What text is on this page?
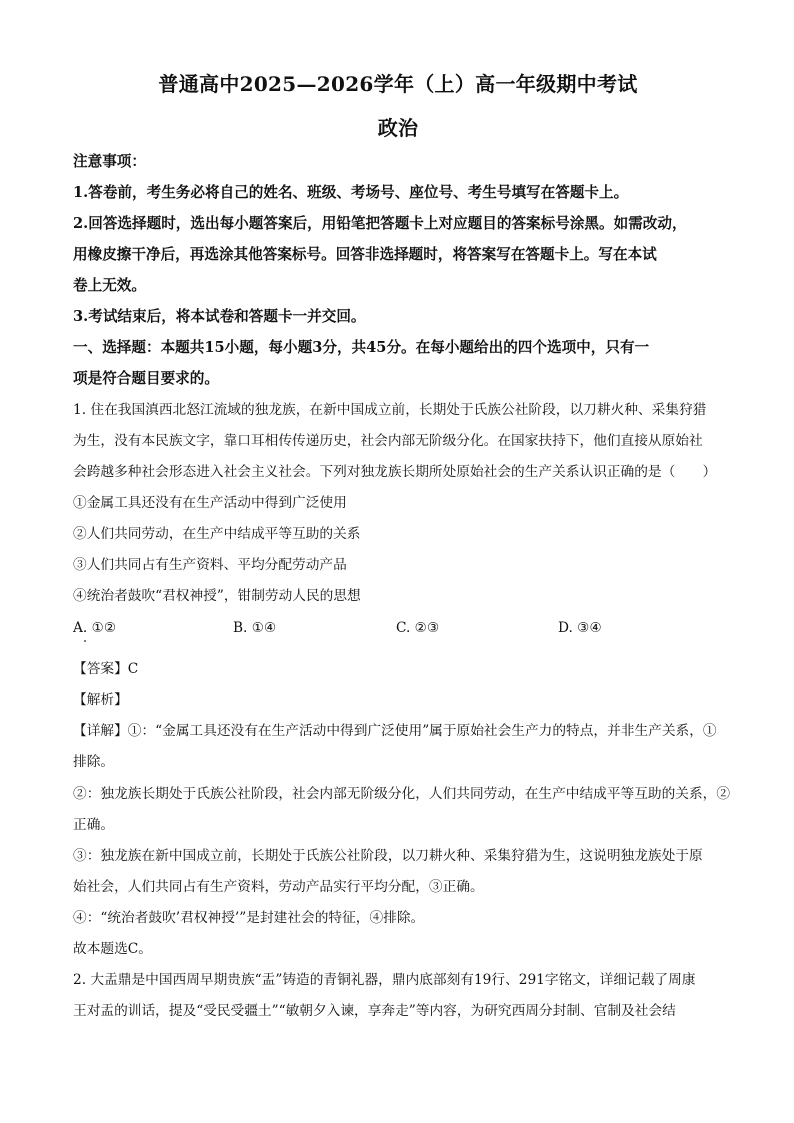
普通高中2025—2026学年（上）高一年级期中考试
政治
注意事项：
1.答卷前，考生务必将自己的姓名、班级、考场号、座位号、考生号填写在答题卡上。
2.回答选择题时，选出每小题答案后，用铅笔把答题卡上对应题目的答案标号涂黑。如需改动，
用橡皮擦干净后，再选涂其他答案标号。回答非选择题时，将答案写在答题卡上。写在本试
卷上无效。
3.考试结束后，将本试卷和答题卡一并交回。
一、选择题：本题共15小题，每小题3分，共45分。在每小题给出的四个选项中，只有一
项是符合题目要求的。
1. 住在我国滇西北怒江流域的独龙族，在新中国成立前，长期处于氏族公社阶段，以刀耕火种、采集狩猎
为生，没有本民族文字，靠口耳相传传递历史，社会内部无阶级分化。在国家扶持下，他们直接从原始社
会跨越多种社会形态进入社会主义社会。下列对独龙族长期所处原始社会的生产关系认识正确的是（　　）
①金属工具还没有在生产活动中得到广泛使用
②人们共同劳动，在生产中结成平等互助的关系
③人们共同占有生产资料、平均分配劳动产品
④统治者鼓吹“君权神授”，钳制劳动人民的思想
A. ①②	B. ①④	C. ②③	D. ③④
【答案】C
【解析】
【详解】①：“金属工具还没有在生产活动中得到广泛使用”属于原始社会生产力的特点，并非生产关系，①
排除。
②：独龙族长期处于氏族公社阶段，社会内部无阶级分化，人们共同劳动，在生产中结成平等互助的关系，②
正确。
③：独龙族在新中国成立前，长期处于氏族公社阶段，以刀耕火种、采集狩猎为生，这说明独龙族处于原
始社会，人们共同占有生产资料，劳动产品实行平均分配，③正确。
④：“统治者鼓吹’君权神授’”是封建社会的特征，④排除。
故本题选C。
2. 大盂鼎是中国西周早期贵族“盂”铸造的青铜礼器，鼎内底部刻有19行、291字铭文，详细记载了周康
王对盂的训话，提及“受民受疆土”“敏朝夕入谏，享奔走”等内容，为研究西周分封制、官制及社会结
